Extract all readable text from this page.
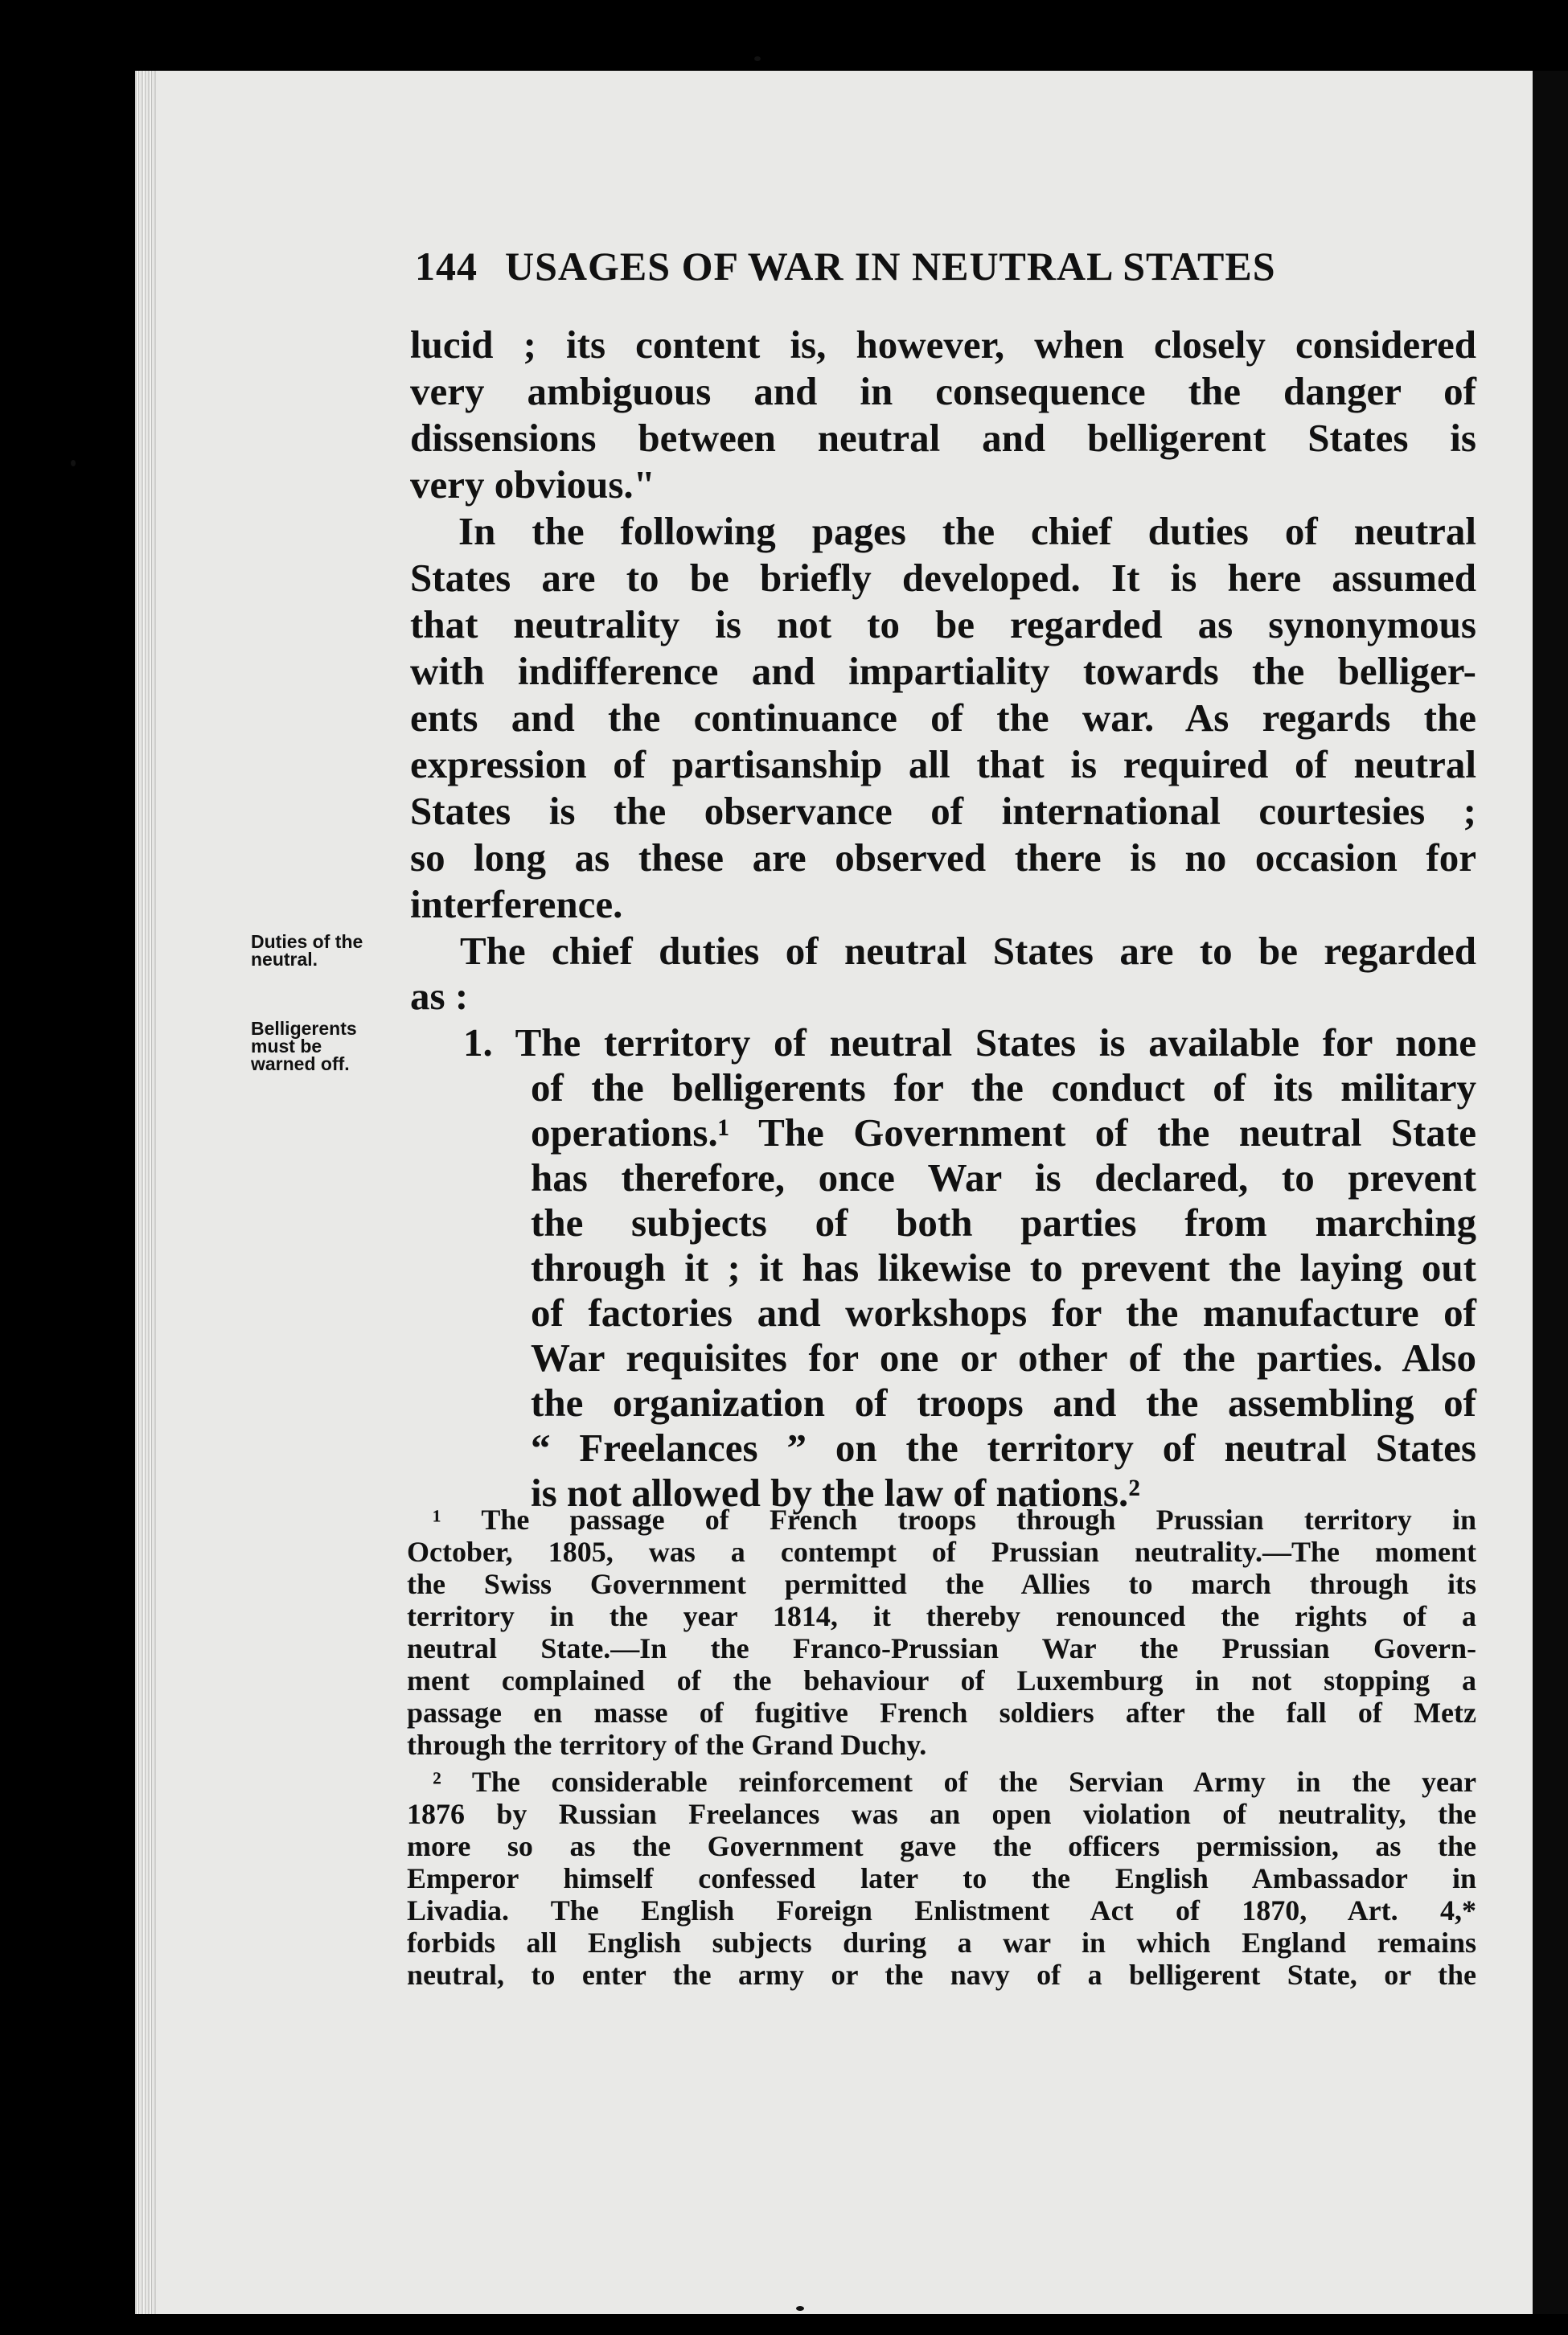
144 USAGES OF WAR IN NEUTRAL STATES
Duties of the
neutral.
Belligerents
must be
warned off.
lucid ; its content is, however, when closely considered
very ambiguous and in consequence the danger of
dissensions between neutral and belligerent States is
very obvious."
In the following pages the chief duties of neutral
States are to be briefly developed. It is here assumed
that neutrality is not to be regarded as synonymous
with indifference and impartiality towards the belliger-
ents and the continuance of the war. As regards the
expression of partisanship all that is required of neutral
States is the observance of international courtesies ;
so long as these are observed there is no occasion for
interference.
The chief duties of neutral States are to be regarded
as :
1. The territory of neutral States is available for none
of the belligerents for the conduct of its military
operations.¹ The Government of the neutral State
has therefore, once War is declared, to prevent
the subjects of both parties from marching
through it ; it has likewise to prevent the laying out
of factories and workshops for the manufacture of
War requisites for one or other of the parties. Also
the organization of troops and the assembling of
“ Freelances ” on the territory of neutral States
is not allowed by the law of nations.²
¹ The passage of French troops through Prussian territory in
October, 1805, was a contempt of Prussian neutrality.—The moment
the Swiss Government permitted the Allies to march through its
territory in the year 1814, it thereby renounced the rights of a
neutral State.—In the Franco-Prussian War the Prussian Govern-
ment complained of the behaviour of Luxemburg in not stopping a
passage en masse of fugitive French soldiers after the fall of Metz
through the territory of the Grand Duchy.
² The considerable reinforcement of the Servian Army in the year
1876 by Russian Freelances was an open violation of neutrality, the
more so as the Government gave the officers permission, as the
Emperor himself confessed later to the English Ambassador in
Livadia. The English Foreign Enlistment Act of 1870, Art. 4,*
forbids all English subjects during a war in which England remains
neutral, to enter the army or the navy of a belligerent State, or the
